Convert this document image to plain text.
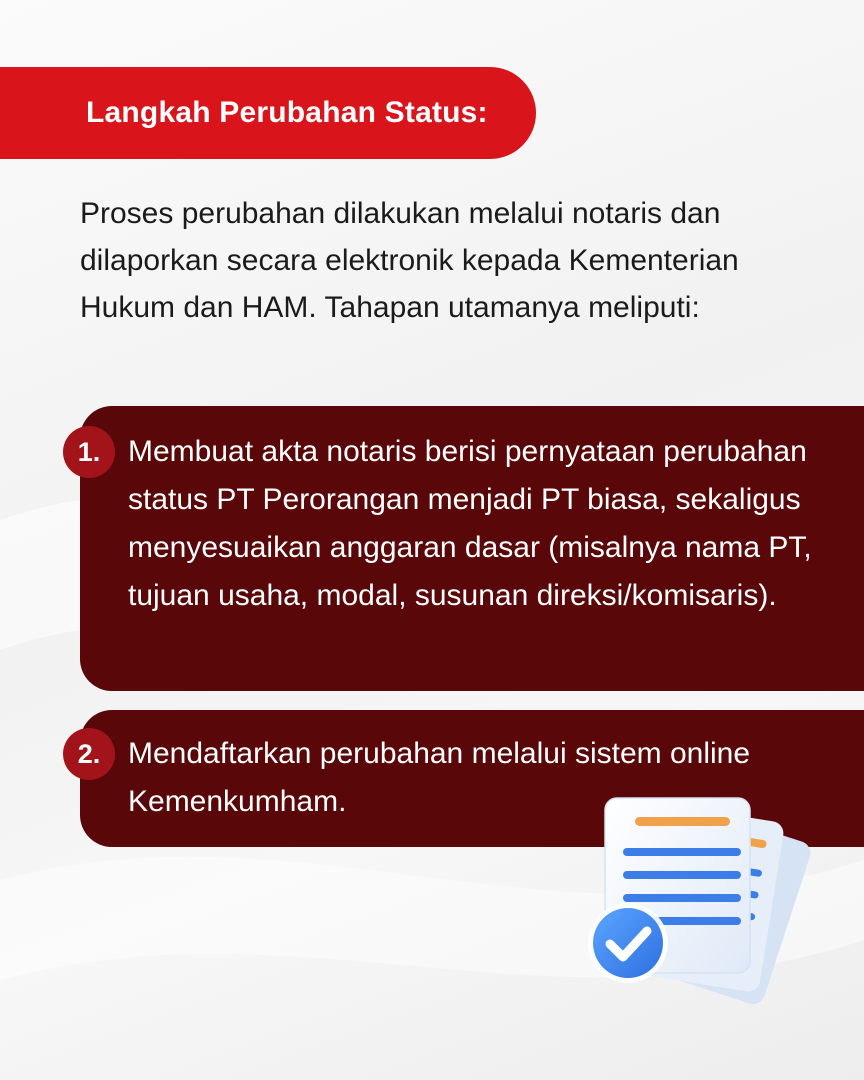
Langkah Perubahan Status:
Proses perubahan dilakukan melalui notaris dan dilaporkan secara elektronik kepada Kementerian Hukum dan HAM. Tahapan utamanya meliputi:
1. Membuat akta notaris berisi pernyataan perubahan status PT Perorangan menjadi PT biasa, sekaligus menyesuaikan anggaran dasar (misalnya nama PT, tujuan usaha, modal, susunan direksi/komisaris).
2. Mendaftarkan perubahan melalui sistem online Kemenkumham.
